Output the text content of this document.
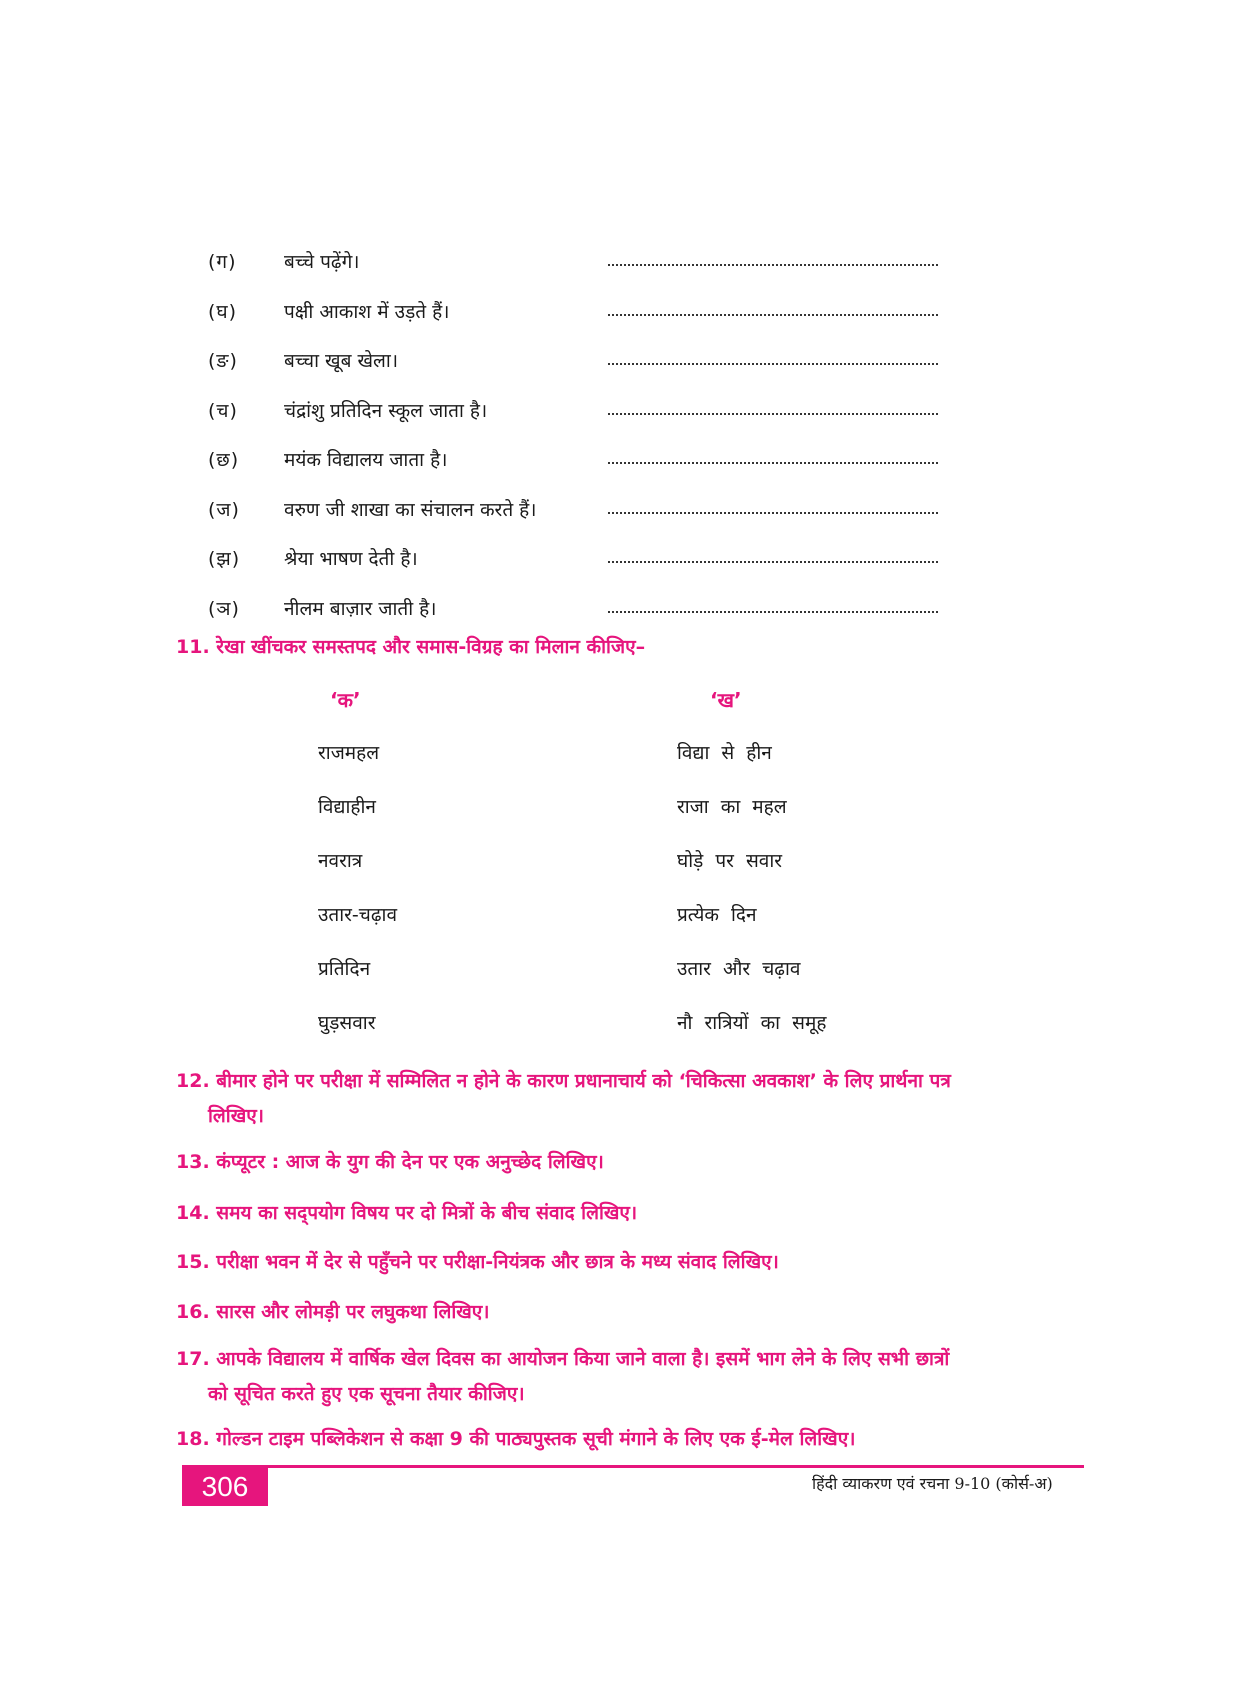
(ग) बच्चे पढ़ेंगे।
(घ) पक्षी आकाश में उड़ते हैं।
(ङ) बच्चा खूब खेला।
(च) चंद्रांशु प्रतिदिन स्कूल जाता है।
(छ) मयंक विद्यालय जाता है।
(ज) वरुण जी शाखा का संचालन करते हैं।
(झ) श्रेया भाषण देती है।
(ञ) नीलम बाज़ार जाती है।
11. रेखा खींचकर समस्तपद और समास-विग्रह का मिलान कीजिए–
‘क’	‘ख’
राजमहल
विद्याहीन
नवरात्र
उतार-चढ़ाव
प्रतिदिन
घुड़सवार
विद्या से हीन
राजा का महल
घोड़े पर सवार
प्रत्येक दिन
उतार और चढ़ाव
नौ रात्रियों का समूह
12. बीमार होने पर परीक्षा में सम्मिलित न होने के कारण प्रधानाचार्य को ‘चिकित्सा अवकाश’ के लिए प्रार्थना पत्र
लिखिए।
13. कंप्यूटर : आज के युग की देन पर एक अनुच्छेद लिखिए।
14. समय का सद्पयोग विषय पर दो मित्रों के बीच संवाद लिखिए।
15. परीक्षा भवन में देर से पहुँचने पर परीक्षा-नियंत्रक और छात्र के मध्य संवाद लिखिए।
16. सारस और लोमड़ी पर लघुकथा लिखिए।
17. आपके विद्यालय में वार्षिक खेल दिवस का आयोजन किया जाने वाला है। इसमें भाग लेने के लिए सभी छात्रों
को सूचित करते हुए एक सूचना तैयार कीजिए।
18. गोल्डन टाइम पब्लिकेशन से कक्षा 9 की पाठ्यपुस्तक सूची मंगाने के लिए एक ई-मेल लिखिए।
306	हिंदी व्याकरण एवं रचना 9-10 (कोर्स-अ)
